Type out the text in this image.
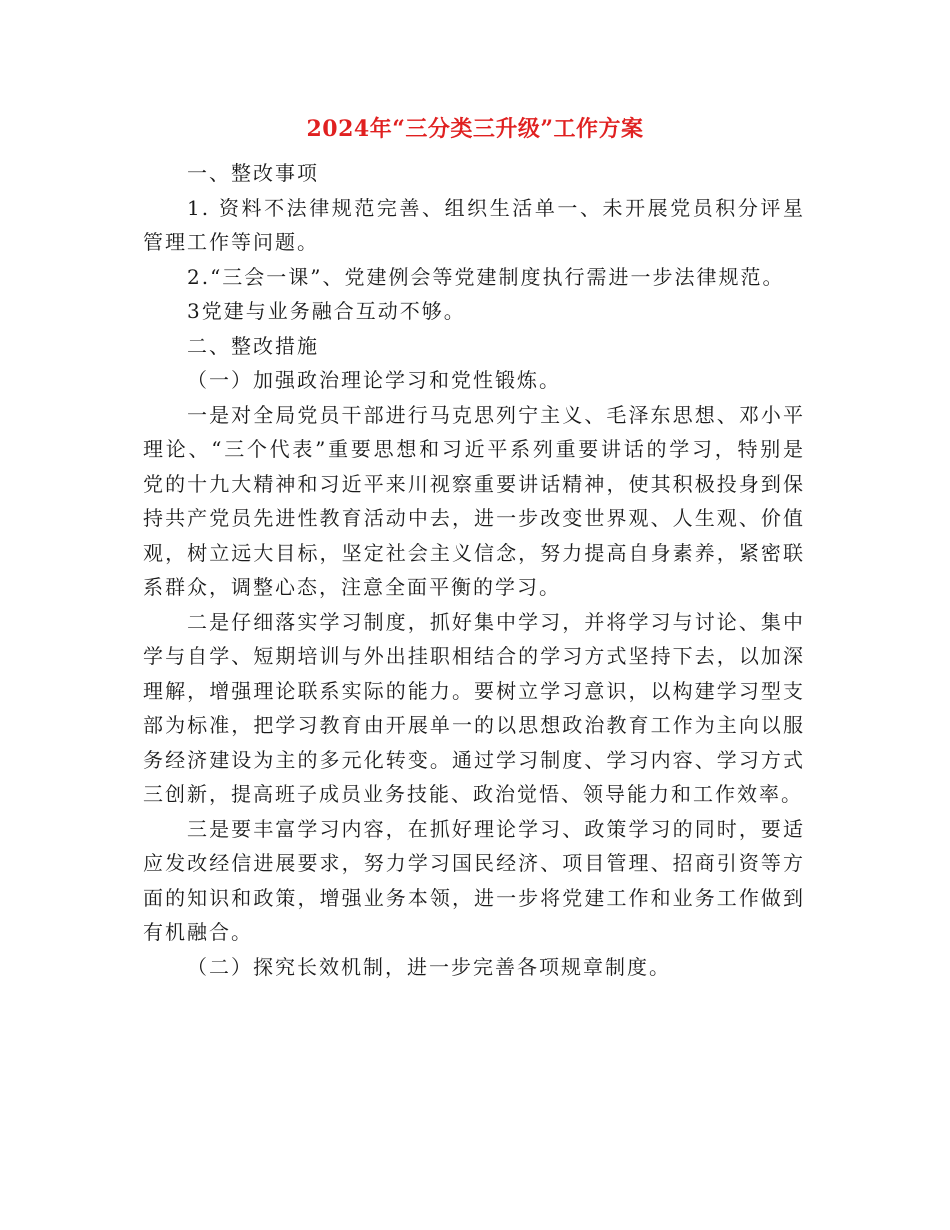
2024年“三分类三升级”工作方案

一、整改事项

1. 资料不法律规范完善、组织生活单一、未开展党员积分评星管理工作等问题。

2.“三会一课”、党建例会等党建制度执行需进一步法律规范。

3党建与业务融合互动不够。

二、整改措施

（一）加强政治理论学习和党性锻炼。

一是对全局党员干部进行马克思列宁主义、毛泽东思想、邓小平理论、“三个代表”重要思想和习近平系列重要讲话的学习，特别是党的十九大精神和习近平来川视察重要讲话精神，使其积极投身到保持共产党员先进性教育活动中去，进一步改变世界观、人生观、价值观，树立远大目标，坚定社会主义信念，努力提高自身素养，紧密联系群众，调整心态，注意全面平衡的学习。

二是仔细落实学习制度，抓好集中学习，并将学习与讨论、集中学与自学、短期培训与外出挂职相结合的学习方式坚持下去，以加深理解，增强理论联系实际的能力。要树立学习意识，以构建学习型支部为标准，把学习教育由开展单一的以思想政治教育工作为主向以服务经济建设为主的多元化转变。通过学习制度、学习内容、学习方式三创新，提高班子成员业务技能、政治觉悟、领导能力和工作效率。

三是要丰富学习内容，在抓好理论学习、政策学习的同时，要适应发改经信进展要求，努力学习国民经济、项目管理、招商引资等方面的知识和政策，增强业务本领，进一步将党建工作和业务工作做到有机融合。

（二）探究长效机制，进一步完善各项规章制度。
